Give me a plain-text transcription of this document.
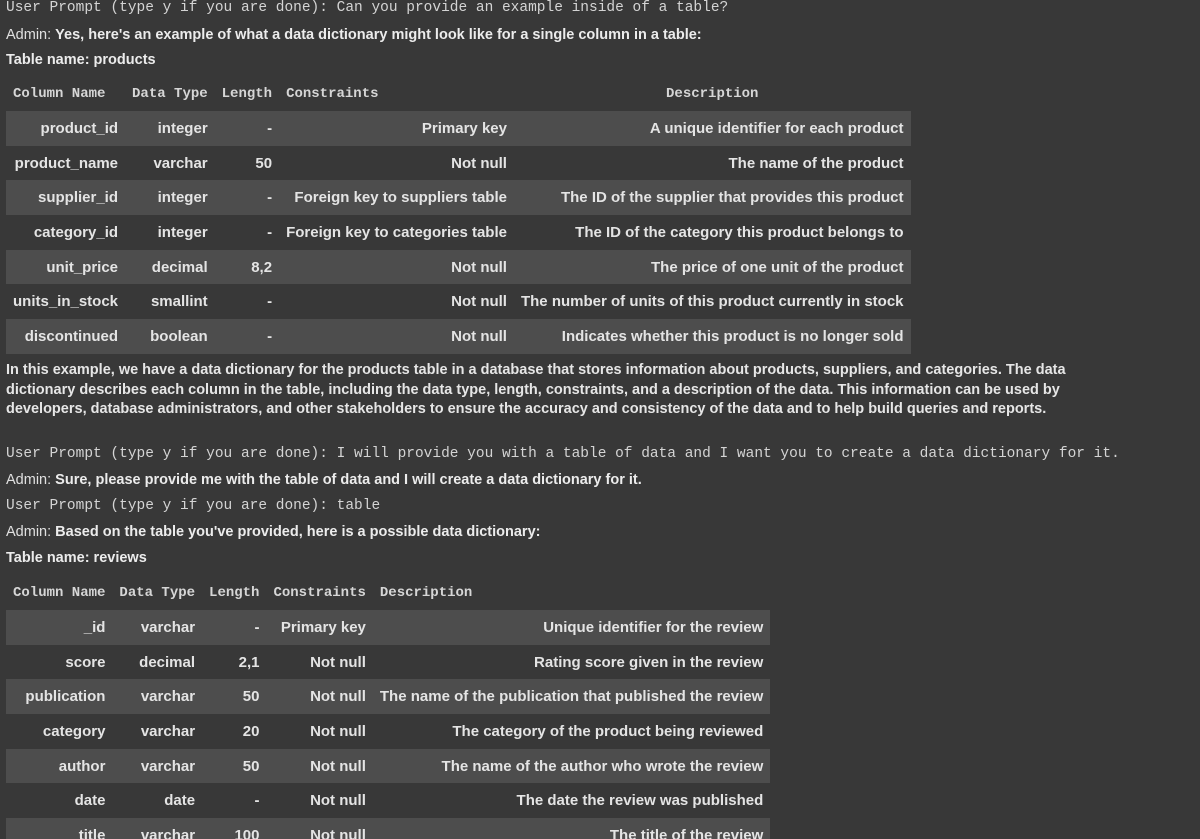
User Prompt (type y if you are done): Can you provide an example inside of a table?
Admin: Yes, here's an example of what a data dictionary might look like for a single column in a table:
Table name: products
Column Name	Data Type	Length	Constraints	Description
product_id	integer	-	Primary key	A unique identifier for each product
product_name	varchar	50	Not null	The name of the product
supplier_id	integer	-	Foreign key to suppliers table	The ID of the supplier that provides this product
category_id	integer	-	Foreign key to categories table	The ID of the category this product belongs to
unit_price	decimal	8,2	Not null	The price of one unit of the product
units_in_stock	smallint	-	Not null	The number of units of this product currently in stock
discontinued	boolean	-	Not null	Indicates whether this product is no longer sold
In this example, we have a data dictionary for the products table in a database that stores information about products, suppliers, and categories. The data dictionary describes each column in the table, including the data type, length, constraints, and a description of the data. This information can be used by developers, database administrators, and other stakeholders to ensure the accuracy and consistency of the data and to help build queries and reports.
User Prompt (type y if you are done): I will provide you with a table of data and I want you to create a data dictionary for it.
Admin: Sure, please provide me with the table of data and I will create a data dictionary for it.
User Prompt (type y if you are done): table
Admin: Based on the table you've provided, here is a possible data dictionary:
Table name: reviews
Column Name	Data Type	Length	Constraints	Description
_id	varchar	-	Primary key	Unique identifier for the review
score	decimal	2,1	Not null	Rating score given in the review
publication	varchar	50	Not null	The name of the publication that published the review
category	varchar	20	Not null	The category of the product being reviewed
author	varchar	50	Not null	The name of the author who wrote the review
date	date	-	Not null	The date the review was published
title	varchar	100	Not null	The title of the review
